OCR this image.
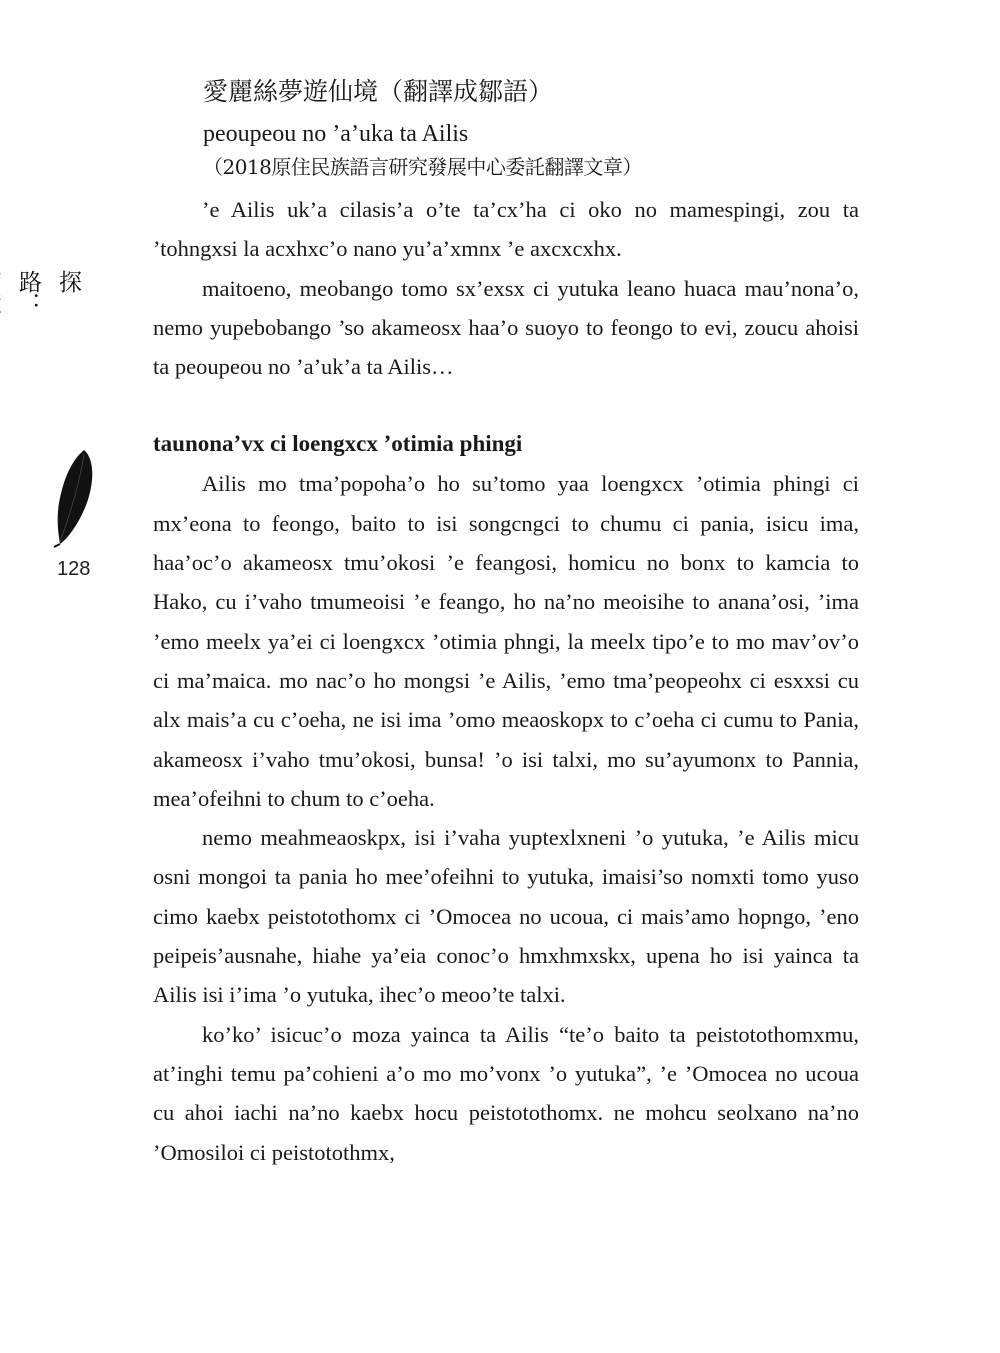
探路：
128
愛麗絲夢遊仙境（翻譯成鄒語）
peoupeou no ’a’uka ta Ailis
（2018原住民族語言研究發展中心委託翻譯文章）

’e Ailis uk’a cilasis’a o’te ta’cx’ha ci oko no mamespingi, zou ta ’tohngxsi la acxhxc’o nano yu’a’xmnx ’e axcxcxhx.

maitoeno, meobango tomo sx’exsx ci yutuka leano huaca mau’nona’o, nemo yupebobango ’so akameosx haa’o suoyo to feongo to evi, zoucu ahoisi ta peoupeou no ’a’uk’a ta Ailis…

taunona’vx ci loengxcx ’otimia phingi

Ailis mo tma’popoha’o ho su’tomo yaa loengxcx ’otimia phingi ci mx’eona to feongo, baito to isi songcngci to chumu ci pania, isicu ima, haa’oc’o akameosx tmu’okosi ’e feangosi, homicu no bonx to kamcia to Hako, cu i’vaho tmumeoisi ’e feango, ho na’no meoisihe to anana’osi, ’ima ’emo meelx ya’ei ci loengxcx ’otimia phngi, la meelx tipo’e to mo mav’ov’o ci ma’maica. mo nac’o ho mongsi ’e Ailis, ’emo tma’peopeohx ci esxxsi cu alx mais’a cu c’oeha, ne isi ima ’omo meaoskopx to c’oeha ci cumu to Pania, akameosx i’vaho tmu’okosi, bunsa! ’o isi talxi, mo su’ayumonx to Pannia, mea’ofeihni to chum to c’oeha.

nemo meahmeaoskpx, isi i’vaha yuptexlxneni ’o yutuka, ’e Ailis micu osni mongoi ta pania ho mee’ofeihni to yutuka, imaisi’so nomxti tomo yuso cimo kaebx peistotothomx ci ’Omocea no ucoua, ci mais’amo hopngo, ’eno peipeis’ausnahe, hiahe ya’eia conoc’o hmxhmxskx, upena ho isi yainca ta Ailis isi i’ima ’o yutuka, ihec’o meoo’te talxi.

ko’ko’ isicuc’o moza yainca ta Ailis “te’o baito ta peistotothomxmu, at’inghi temu pa’cohieni a’o mo mo’vonx ’o yutuka”, ’e ’Omocea no ucoua cu ahoi iachi na’no kaebx hocu peistotothomx. ne mohcu seolxano na’no ’Omosiloi ci peistotothmx,
